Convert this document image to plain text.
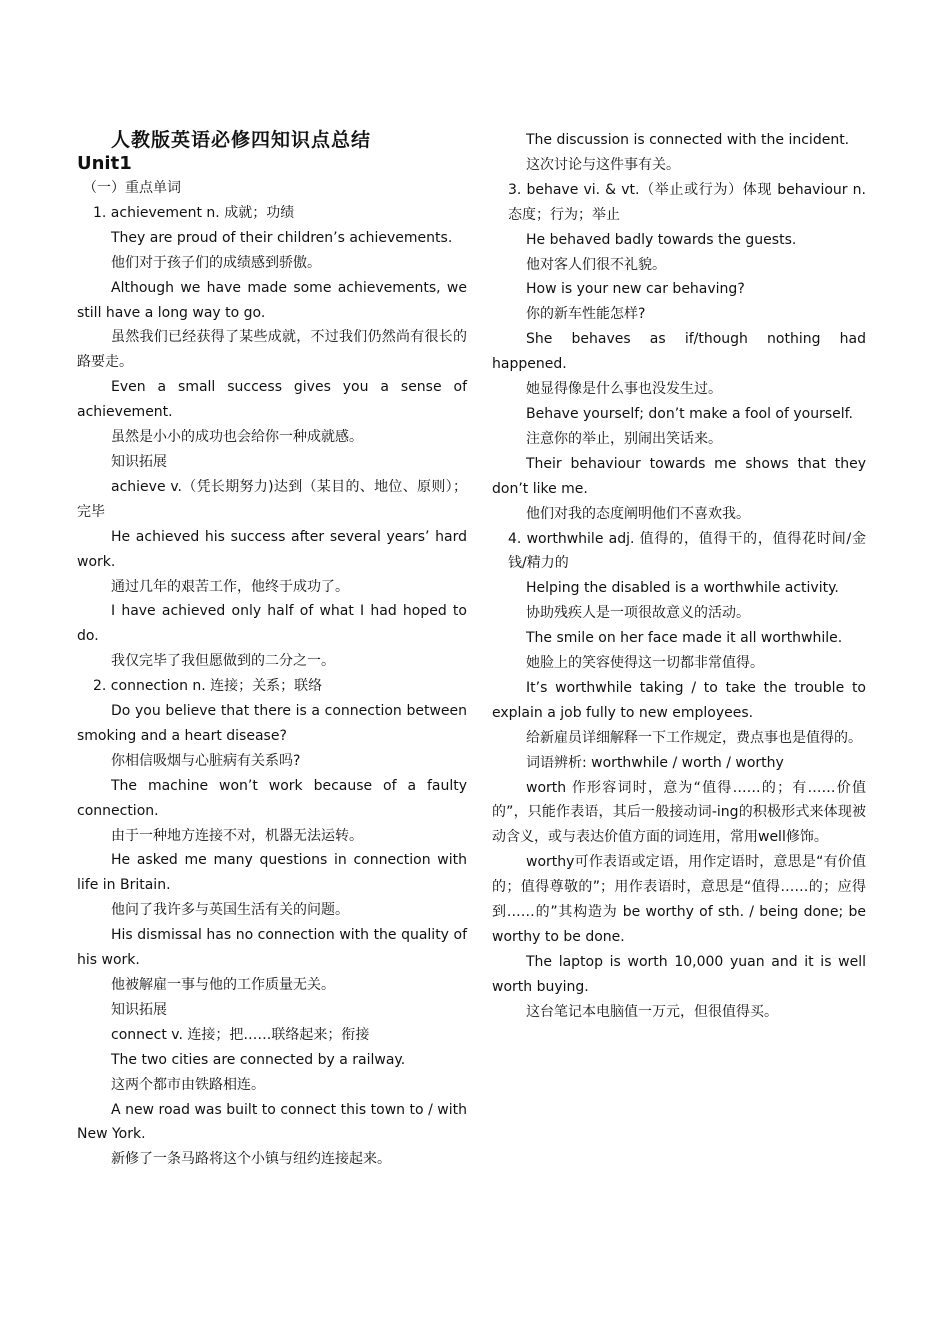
人教版英语必修四知识点总结
Unit1

（一）重点单词

1. achievement n. 成就；功绩

They are proud of their children’s achievements.

他们对于孩子们的成绩感到骄傲。

Although we have made some achievements, we still have a long way to go.

虽然我们已经获得了某些成就，不过我们仍然尚有很长的路要走。

Even a small success gives you a sense of achievement.

虽然是小小的成功也会给你一种成就感。

知识拓展

achieve v.（凭长期努力)达到（某目的、地位、原则）；完毕

He achieved his success after several years’ hard work.

通过几年的艰苦工作，他终于成功了。

I have achieved only half of what I had hoped to do.

我仅完毕了我但愿做到的二分之一。

2. connection n. 连接；关系；联络

Do you believe that there is a connection between smoking and a heart disease?

你相信吸烟与心脏病有关系吗?

The machine won’t work because of a faulty connection.

由于一种地方连接不对，机器无法运转。

He asked me many questions in connection with life in Britain.

他问了我许多与英国生活有关的问题。

His dismissal has no connection with the quality of his work.

他被解雇一事与他的工作质量无关。

知识拓展

connect v. 连接；把……联络起来；衔接

The two cities are connected by a railway.

这两个都市由铁路相连。

A new road was built to connect this town to / with New York.

新修了一条马路将这个小镇与纽约连接起来。

The discussion is connected with the incident.

这次讨论与这件事有关。

3. behave vi. & vt.（举止或行为）体现 behaviour n. 态度；行为；举止

He behaved badly towards the guests.

他对客人们很不礼貌。

How is your new car behaving?

你的新车性能怎样?

She behaves as if/though nothing had happened.

她显得像是什么事也没发生过。

Behave yourself; don’t make a fool of yourself.

注意你的举止，别闹出笑话来。

Their behaviour towards me shows that they don’t like me.

他们对我的态度阐明他们不喜欢我。

4. worthwhile adj. 值得的，值得干的，值得花时间/金钱/精力的

Helping the disabled is a worthwhile activity.

协助残疾人是一项很故意义的活动。

The smile on her face made it all worthwhile.

她脸上的笑容使得这一切都非常值得。

It’s worthwhile taking / to take the trouble to explain a job fully to new employees.

给新雇员详细解释一下工作规定，费点事也是值得的。

词语辨析: worthwhile / worth / worthy

worth 作形容词时，意为“值得……的；有……价值的”，只能作表语，其后一般接动词-ing的积极形式来体现被动含义，或与表达价值方面的词连用，常用well修饰。

worthy可作表语或定语，用作定语时，意思是“有价值的；值得尊敬的”；用作表语时，意思是“值得……的；应得到……的”其构造为 be worthy of sth. / being done; be worthy to be done.

The laptop is worth 10,000 yuan and it is well worth buying.

这台笔记本电脑值一万元，但很值得买。
